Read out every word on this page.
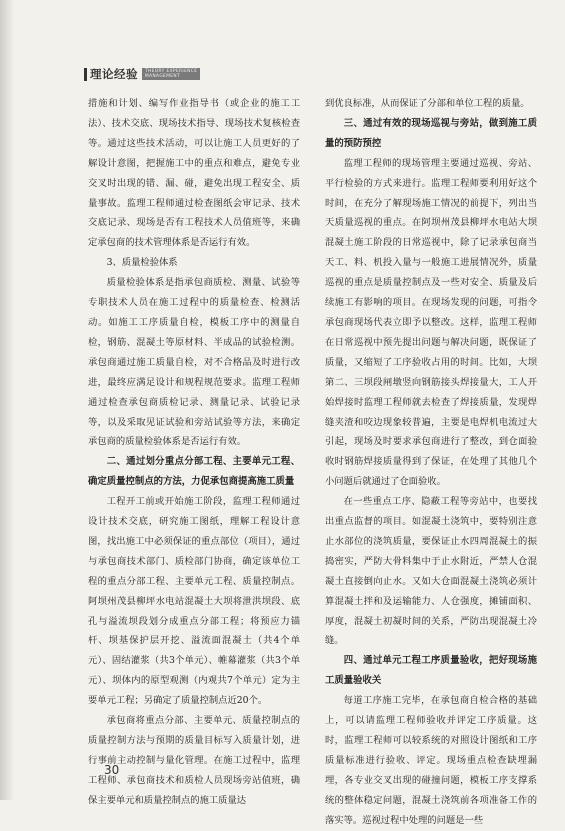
理论经验 THEORY EXPERIENCE
MANAGEMENT

措施和计划、编写作业指导书（或企业的施工工法）、技术交底、现场技术指导、现场技术复核检查等。通过这些技术活动，可以让施工人员更好的了解设计意图，把握施工中的重点和难点，避免专业交叉时出现的错、漏、碰，避免出现工程安全、质量事故。监理工程师通过检查图纸会审记录、技术交底记录、现场是否有工程技术人员值班等，来确定承包商的技术管理体系是否运行有效。

3、质量检验体系

质量检验体系是指承包商质检、测量、试验等专职技术人员在施工过程中的质量检查、检测活动。如施工工序质量自检，模板工序中的测量自检，钢筋、混凝土等原材料、半成品的试验检测。承包商通过施工质量自检，对不合格品及时进行改进，最终应满足设计和规程规范要求。监理工程师通过检查承包商质检记录、测量记录、试验记录等，以及采取见证试验和旁站试验等方法，来确定承包商的质量检验体系是否运行有效。

二、通过划分重点分部工程、主要单元工程、确定质量控制点的方法，力促承包商提高施工质量

工程开工前或开始施工阶段，监理工程师通过设计技术交底，研究施工图纸，理解工程设计意图，找出施工中必须保证的重点部位（项目），通过与承包商技术部门、质检部门协商，确定该单位工程的重点分部工程、主要单元工程、质量控制点。阿坝州茂县柳坪水电站混凝土大坝将泄洪坝段、底孔与溢流坝段划分成重点分部工程；将预应力锚杆、坝基保护层开挖、溢流面混凝土（共4个单元）、固结灌浆（共3个单元）、帷幕灌浆（共3个单元）、坝体内的原型观测（内观共7个单元）定为主要单元工程；另确定了质量控制点近20个。

承包商将重点分部、主要单元、质量控制点的质量控制方法与预期的质量目标写入质量计划，进行事前主动控制与量化管理。在施工过程中，监理工程师、承包商技术和质检人员现场旁站值班，确保主要单元和质量控制点的施工质量达

到优良标准，从而保证了分部和单位工程的质量。

三、通过有效的现场巡视与旁站，做到施工质量的预防预控

监理工程师的现场管理主要通过巡视、旁站、平行检验的方式来进行。监理工程师要利用好这个时间，在充分了解现场施工情况的前提下，列出当天质量巡视的重点。在阿坝州茂县柳坪水电站大坝混凝土施工阶段的日常巡视中，除了记录承包商当天工、料、机投入量与一般施工进展情况外，质量巡视的重点是质量控制点及一些对安全、质量及后续施工有影响的项目。在现场发现的问题，可指令承包商现场代表立即予以整改。这样，监理工程师在日常巡视中预先提出问题与解决问题，既保证了质量，又缩短了工序验收占用的时间。比如，大坝第二、三坝段闸墩竖向钢筋接头焊接量大，工人开始焊接时监理工程师就去检查了焊接质量，发现焊缝夹渣和咬边现象较普遍，主要是电焊机电流过大引起，现场及时要求承包商进行了整改，到仓面验收时钢筋焊接质量得到了保证，在处理了其他几个小问题后就通过了仓面验收。

在一些重点工序、隐蔽工程等旁站中，也要找出重点监督的项目。如混凝土浇筑中，要特别注意止水部位的浇筑质量，要保证止水四周混凝土的振捣密实，严防大骨料集中于止水附近，严禁人仓混凝土直接倒向止水。又如大仓面混凝土浇筑必须计算混凝土拌和及运输能力、人仓强度，摊铺面积、厚度，混凝土初凝时间的关系，严防出现混凝土冷缝。

四、通过单元工程工序质量验收，把好现场施工质量验收关

每道工序施工完毕，在承包商自检合格的基础上，可以请监理工程师验收并评定工序质量。这时，监理工程师可以较系统的对照设计图纸和工序质量标准进行验收、评定。现场重点检查缺埋漏埋，各专业交叉出现的碰撞问题，模板工序支撑系统的整体稳定问题，混凝土浇筑前各项准备工作的落实等。巡视过程中处理的问题是一些

30
